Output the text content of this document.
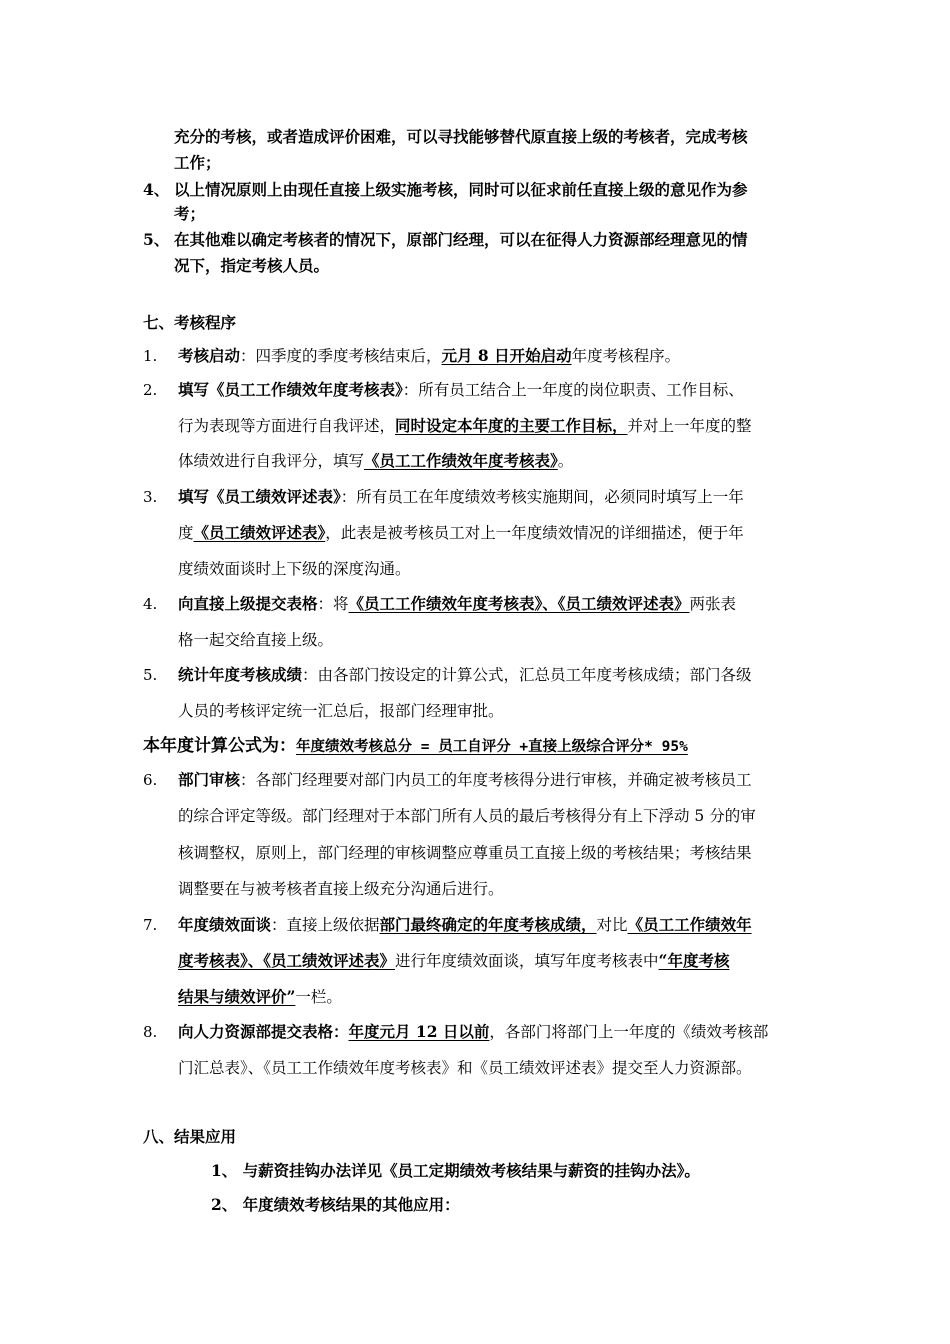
充分的考核，或者造成评价困难，可以寻找能够替代原直接上级的考核者，完成考核
工作；
4、 以上情况原则上由现任直接上级实施考核，同时可以征求前任直接上级的意见作为参
考；
5、 在其他难以确定考核者的情况下，原部门经理，可以在征得人力资源部经理意见的情
况下，指定考核人员。
七、考核程序
1. 考核启动：四季度的季度考核结束后，元月 8 日开始启动年度考核程序。
2. 填写《员工工作绩效年度考核表》：所有员工结合上一年度的岗位职责、工作目标、
行为表现等方面进行自我评述，同时设定本年度的主要工作目标，并对上一年度的整
体绩效进行自我评分，填写《员工工作绩效年度考核表》。
3. 填写《员工绩效评述表》：所有员工在年度绩效考核实施期间，必须同时填写上一年
度《员工绩效评述表》，此表是被考核员工对上一年度绩效情况的详细描述，便于年
度绩效面谈时上下级的深度沟通。
4. 向直接上级提交表格：将《员工工作绩效年度考核表》、《员工绩效评述表》两张表
格一起交给直接上级。
5. 统计年度考核成绩：由各部门按设定的计算公式，汇总员工年度考核成绩；部门各级
人员的考核评定统一汇总后，报部门经理审批。
本年度计算公式为：年度绩效考核总分 = 员工自评分 +直接上级综合评分* 95%
6. 部门审核：各部门经理要对部门内员工的年度考核得分进行审核，并确定被考核员工
的综合评定等级。部门经理对于本部门所有人员的最后考核得分有上下浮动 5 分的审
核调整权，原则上，部门经理的审核调整应尊重员工直接上级的考核结果；考核结果
调整要在与被考核者直接上级充分沟通后进行。
7. 年度绩效面谈：直接上级依据部门最终确定的年度考核成绩，对比《员工工作绩效年
度考核表》、《员工绩效评述表》进行年度绩效面谈，填写年度考核表中“年度考核
结果与绩效评价”一栏。
8. 向人力资源部提交表格：年度元月 12 日以前，各部门将部门上一年度的《绩效考核部
门汇总表》、《员工工作绩效年度考核表》和《员工绩效评述表》提交至人力资源部。
八、结果应用
1、 与薪资挂钩办法详见《员工定期绩效考核结果与薪资的挂钩办法》。
2、 年度绩效考核结果的其他应用：
